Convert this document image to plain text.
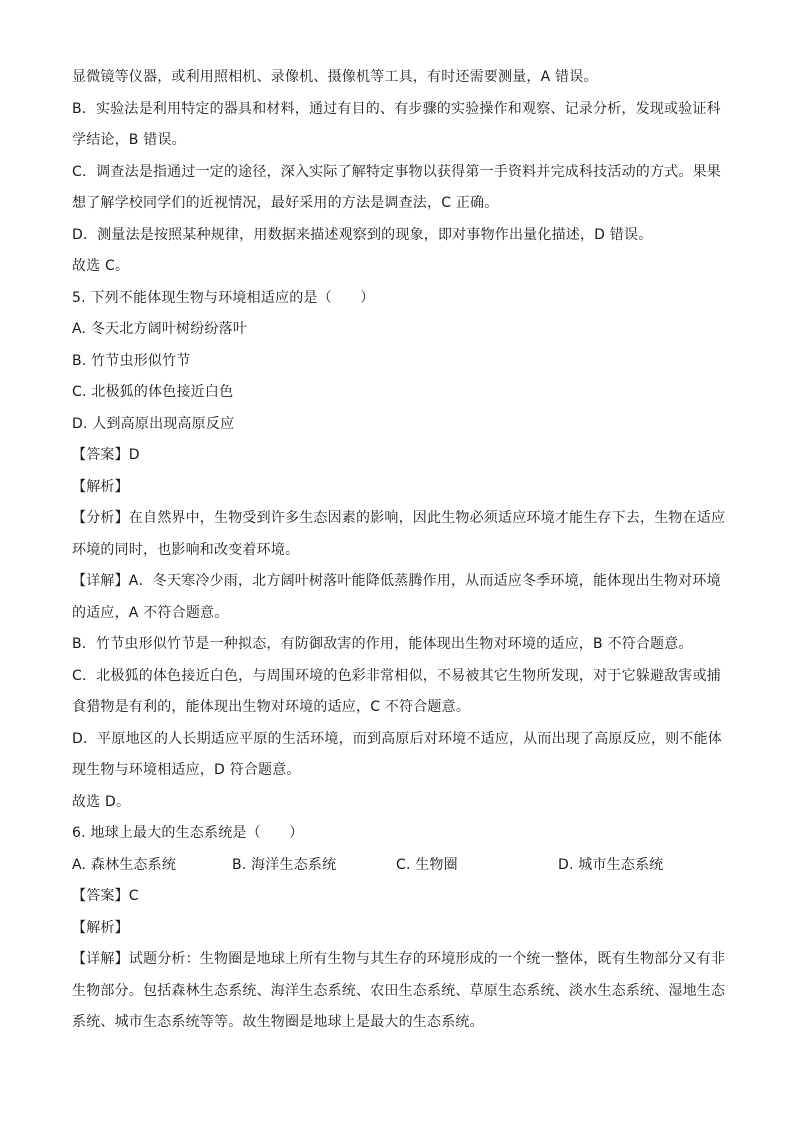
显微镜等仪器，或利用照相机、录像机、摄像机等工具，有时还需要测量，A 错误。
B．实验法是利用特定的器具和材料，通过有目的、有步骤的实验操作和观察、记录分析，发现或验证科
学结论，B 错误。
C．调查法是指通过一定的途径，深入实际了解特定事物以获得第一手资料并完成科技活动的方式。果果
想了解学校同学们的近视情况，最好采用的方法是调查法，C 正确。
D．测量法是按照某种规律，用数据来描述观察到的现象，即对事物作出量化描述，D 错误。
故选 C。
5. 下列不能体现生物与环境相适应的是（　　）
A. 冬天北方阔叶树纷纷落叶
B. 竹节虫形似竹节
C. 北极狐的体色接近白色
D. 人到高原出现高原反应
【答案】D
【解析】
【分析】在自然界中，生物受到许多生态因素的影响，因此生物必须适应环境才能生存下去，生物在适应
环境的同时，也影响和改变着环境。
【详解】A．冬天寒冷少雨，北方阔叶树落叶能降低蒸腾作用，从而适应冬季环境，能体现出生物对环境
的适应，A 不符合题意。
B．竹节虫形似竹节是一种拟态，有防御敌害的作用，能体现出生物对环境的适应，B 不符合题意。
C．北极狐的体色接近白色，与周围环境的色彩非常相似，不易被其它生物所发现，对于它躲避敌害或捕
食猎物是有利的，能体现出生物对环境的适应，C 不符合题意。
D．平原地区的人长期适应平原的生活环境，而到高原后对环境不适应，从而出现了高原反应，则不能体
现生物与环境相适应，D 符合题意。
故选 D。
6. 地球上最大的生态系统是（　　）
A. 森林生态系统	B. 海洋生态系统	C. 生物圈	D. 城市生态系统
【答案】C
【解析】
【详解】试题分析：生物圈是地球上所有生物与其生存的环境形成的一个统一整体，既有生物部分又有非
生物部分。包括森林生态系统、海洋生态系统、农田生态系统、草原生态系统、淡水生态系统、湿地生态
系统、城市生态系统等等。故生物圈是地球上是最大的生态系统。
